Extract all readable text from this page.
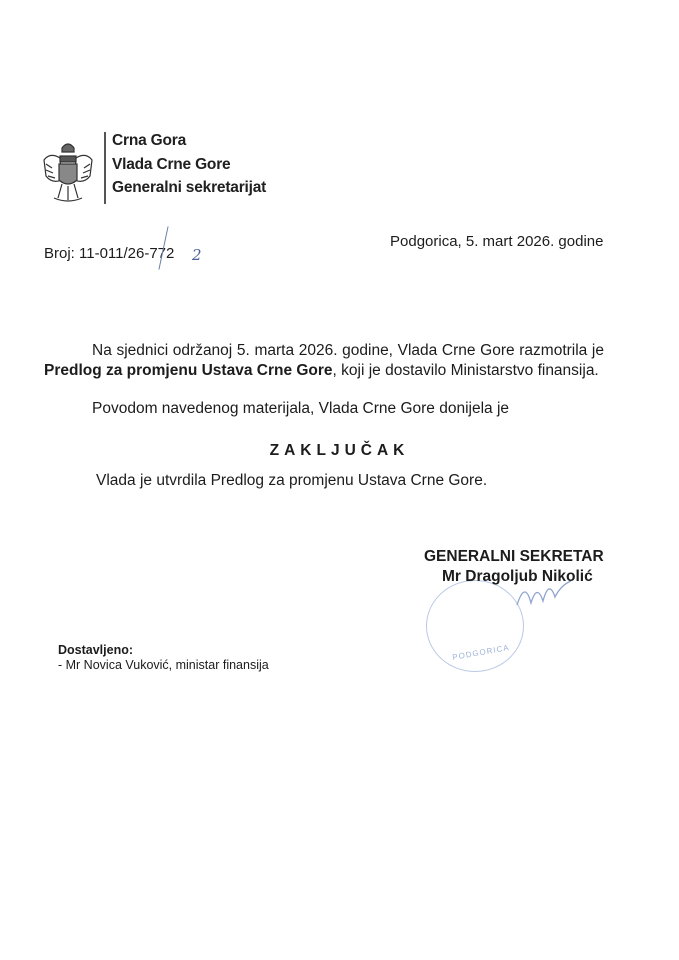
Crna Gora
Vlada Crne Gore
Generalni sekretarijat
Broj: 11-011/26-772 2
Podgorica, 5. mart 2026. godine
Na sjednici održanoj 5. marta 2026. godine, Vlada Crne Gore razmotrila je Predlog za promjenu Ustava Crne Gore, koji je dostavilo Ministarstvo finansija.
Povodom navedenog materijala, Vlada Crne Gore donijela je
ZAKLJUČAK
Vlada je utvrdila Predlog za promjenu Ustava Crne Gore.
PODGORICA
GENERALNI SEKRETAR
Mr Dragoljub Nikolić
Dostavljeno:
- Mr Novica Vuković, ministar finansija
